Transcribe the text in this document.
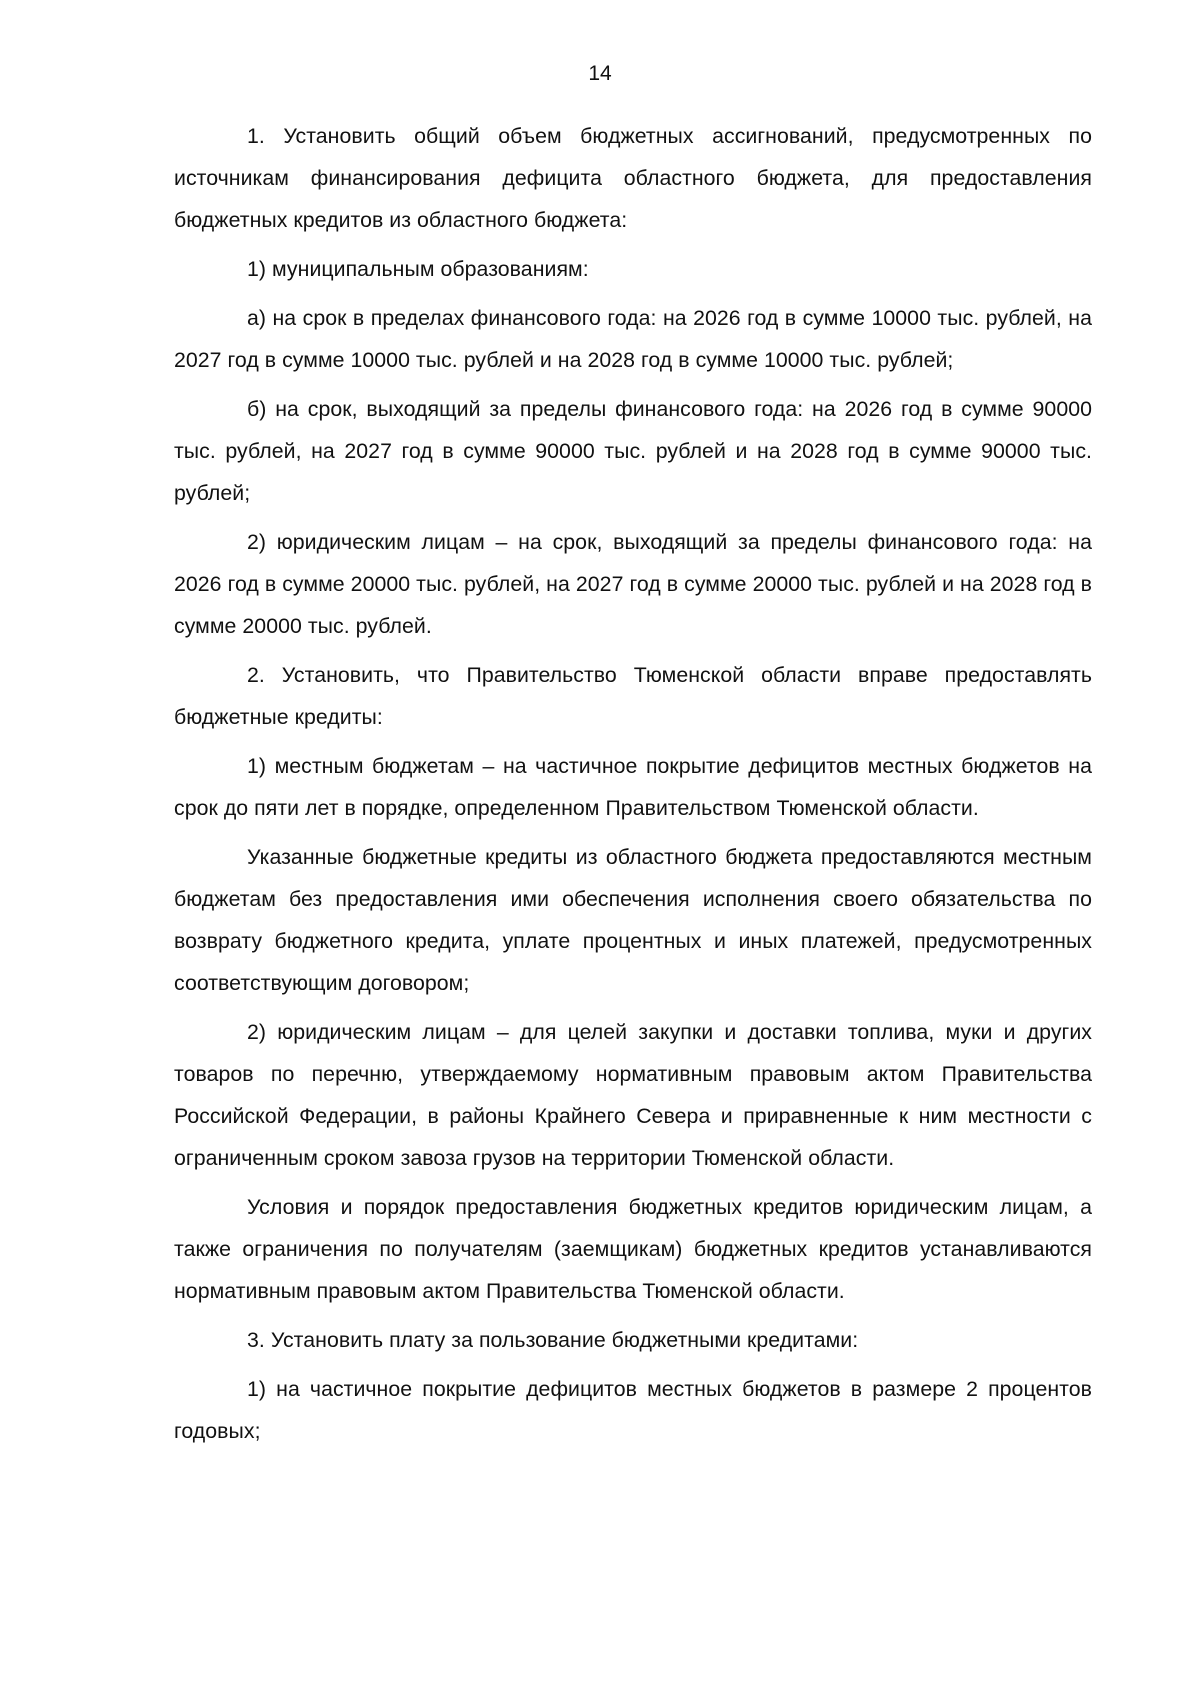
14

1. Установить общий объем бюджетных ассигнований, предусмотренных по источникам финансирования дефицита областного бюджета, для предоставления бюджетных кредитов из областного бюджета:

1) муниципальным образованиям:

а) на срок в пределах финансового года: на 2026 год в сумме 10000 тыс. рублей, на 2027 год в сумме 10000 тыс. рублей и на 2028 год в сумме 10000 тыс. рублей;

б) на срок, выходящий за пределы финансового года: на 2026 год в сумме 90000 тыс. рублей, на 2027 год в сумме 90000 тыс. рублей и на 2028 год в сумме 90000 тыс. рублей;

2) юридическим лицам – на срок, выходящий за пределы финансового года: на 2026 год в сумме 20000 тыс. рублей, на 2027 год в сумме 20000 тыс. рублей и на 2028 год в сумме 20000 тыс. рублей.

2. Установить, что Правительство Тюменской области вправе предоставлять бюджетные кредиты:

1) местным бюджетам – на частичное покрытие дефицитов местных бюджетов на срок до пяти лет в порядке, определенном Правительством Тюменской области.

Указанные бюджетные кредиты из областного бюджета предоставляются местным бюджетам без предоставления ими обеспечения исполнения своего обязательства по возврату бюджетного кредита, уплате процентных и иных платежей, предусмотренных соответствующим договором;

2) юридическим лицам – для целей закупки и доставки топлива, муки и других товаров по перечню, утверждаемому нормативным правовым актом Правительства Российской Федерации, в районы Крайнего Севера и приравненные к ним местности с ограниченным сроком завоза грузов на территории Тюменской области.

Условия и порядок предоставления бюджетных кредитов юридическим лицам, а также ограничения по получателям (заемщикам) бюджетных кредитов устанавливаются нормативным правовым актом Правительства Тюменской области.

3. Установить плату за пользование бюджетными кредитами:

1) на частичное покрытие дефицитов местных бюджетов в размере 2 процентов годовых;
